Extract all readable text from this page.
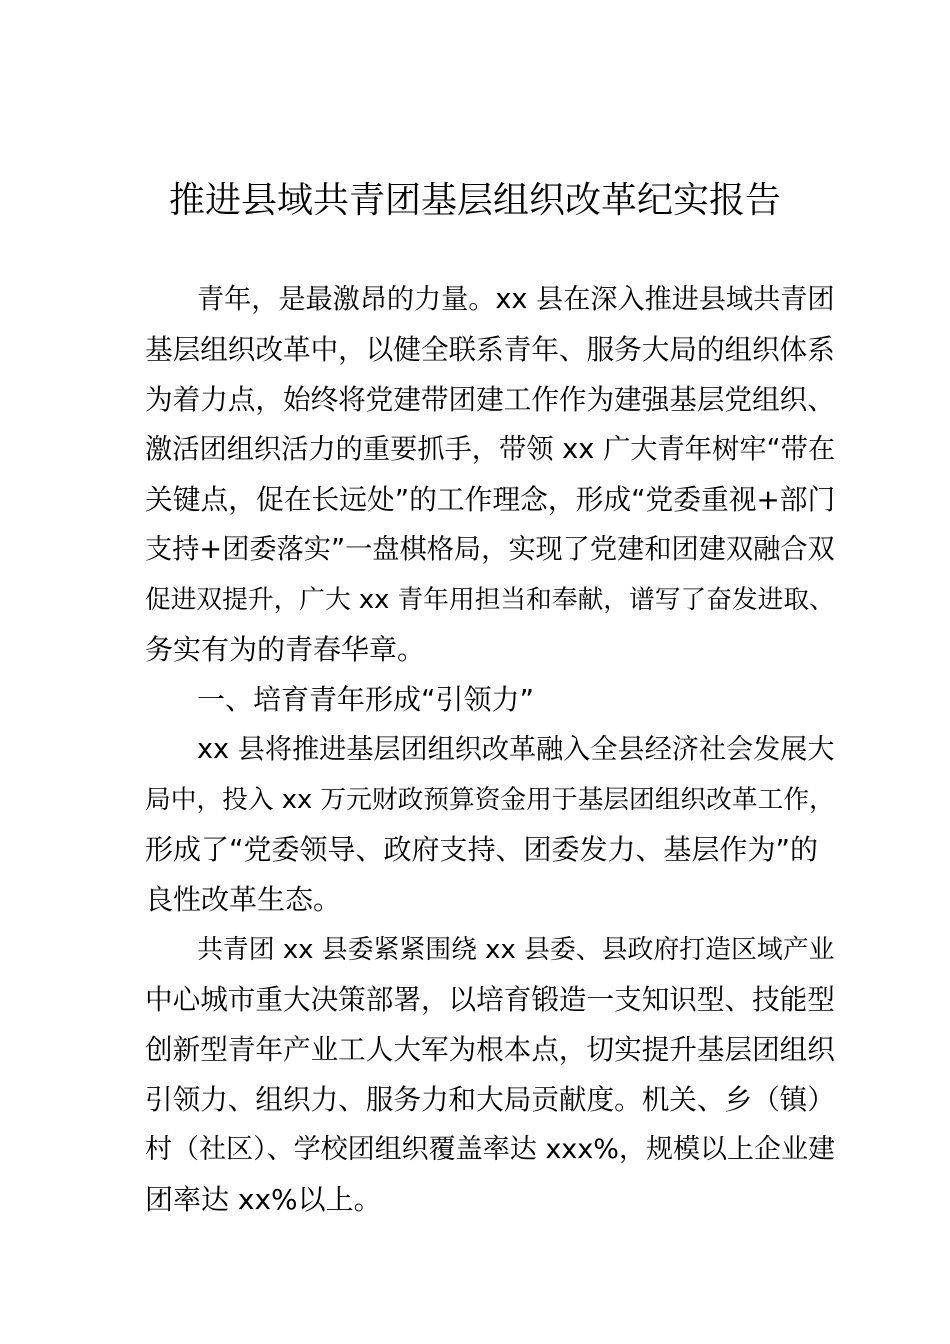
推进县域共青团基层组织改革纪实报告
青年，是最激昂的力量。xx 县在深入推进县域共青团
基层组织改革中，以健全联系青年、服务大局的组织体系
为着力点，始终将党建带团建工作作为建强基层党组织、
激活团组织活力的重要抓手，带领 xx 广大青年树牢“带在
关键点，促在长远处”的工作理念，形成“党委重视+部门
支持+团委落实”一盘棋格局，实现了党建和团建双融合双
促进双提升，广大 xx 青年用担当和奉献，谱写了奋发进取、
务实有为的青春华章。
一、培育青年形成“引领力”
xx 县将推进基层团组织改革融入全县经济社会发展大
局中，投入 xx 万元财政预算资金用于基层团组织改革工作，
形成了“党委领导、政府支持、团委发力、基层作为”的
良性改革生态。
共青团 xx 县委紧紧围绕 xx 县委、县政府打造区域产业
中心城市重大决策部署，以培育锻造一支知识型、技能型
创新型青年产业工人大军为根本点，切实提升基层团组织
引领力、组织力、服务力和大局贡献度。机关、乡（镇）
村（社区）、学校团组织覆盖率达 xxx%，规模以上企业建
团率达 xx%以上。
